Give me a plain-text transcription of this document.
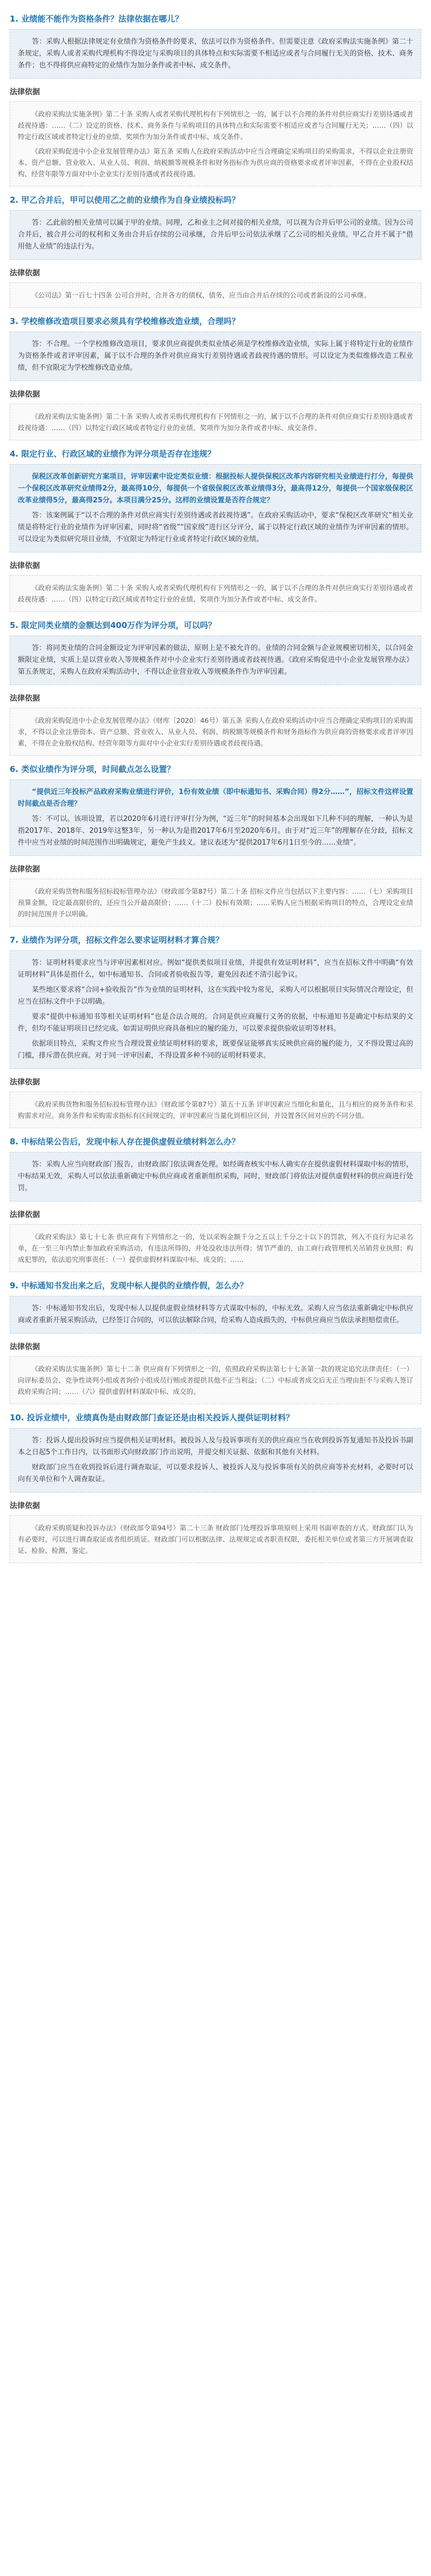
1. 业绩能不能作为资格条件？法律依据在哪儿？

答：采购人根据法律规定有业绩作为资格条件的要求，依法可以作为资格条件。但需要注意《政府采购法实施条例》第二十条规定，采购人或者采购代理机构不得设定与采购项目的具体特点和实际需要不相适应或者与合同履行无关的资格、技术、商务条件；也不得将供应商特定的业绩作为加分条件或者中标、成交条件。

法律依据

《政府采购法实施条例》第二十条 采购人或者采购代理机构有下列情形之一的，属于以不合理的条件对供应商实行差别待遇或者歧视待遇：……（二）设定的资格、技术、商务条件与采购项目的具体特点和实际需要不相适应或者与合同履行无关；……（四）以特定行政区域或者特定行业的业绩、奖项作为加分条件或者中标、成交条件。

《政府采购促进中小企业发展管理办法》第五条 采购人在政府采购活动中应当合理确定采购项目的采购需求，不得以企业注册资本、资产总额、营业收入、从业人员、利润、纳税额等规模条件和财务指标作为供应商的资格要求或者评审因素，不得在企业股权结构、经营年限等方面对中小企业实行差别待遇或者歧视待遇。

2. 甲乙合并后，甲可以使用乙之前的业绩作为自身业绩投标吗？

答：乙此前的相关业绩可以属于甲的业绩。同理，乙和业主之间对接的相关业绩，可以视为合并后甲公司的业绩。因为公司合并后，被合并公司的权利和义务由合并后存续的公司承继，合并后甲公司依法承继了乙公司的相关业绩。甲乙合并不属于“借用他人业绩”的违法行为。

法律依据

《公司法》第一百七十四条 公司合并时，合并各方的债权、债务，应当由合并后存续的公司或者新设的公司承继。

3. 学校维修改造项目要求必须具有学校维修改造业绩，合理吗？

答：不合理。一个学校维修改造项目，要求供应商提供类似业绩必须是学校维修改造业绩，实际上属于将特定行业的业绩作为资格条件或者评审因素，属于以不合理的条件对供应商实行差别待遇或者歧视待遇的情形。可以设定为类似维修改造工程业绩，但不宜限定为学校维修改造业绩。

法律依据

《政府采购法实施条例》第二十条 采购人或者采购代理机构有下列情形之一的，属于以不合理的条件对供应商实行差别待遇或者歧视待遇：……（四）以特定行政区域或者特定行业的业绩、奖项作为加分条件或者中标、成交条件。

4. 限定行业、行政区域的业绩作为评分项是否存在违规？

保税区改革创新研究方案项目，评审因素中设定类似业绩：根据投标人提供保税区改革内容研究相关业绩进行打分，每提供一个保税区改革研究业绩得2分，最高得10分，每提供一个省级保税区改革业绩得3分，最高得12分，每提供一个国家级保税区改革业绩得5分，最高得25分。本项目满分25分。这样的业绩设置是否符合规定？

答：该案例属于“以不合理的条件对供应商实行差别待遇或者歧视待遇”。在政府采购活动中，要求“保税区改革研究”相关业绩是将特定行业的业绩作为评审因素，同时将“省级”“国家级”进行区分评分，属于以特定行政区域的业绩作为评审因素的情形。可以设定为类似研究项目业绩，不宜限定为特定行业或者特定行政区域的业绩。

法律依据

《政府采购法实施条例》第二十条 采购人或者采购代理机构有下列情形之一的，属于以不合理的条件对供应商实行差别待遇或者歧视待遇：……（四）以特定行政区域或者特定行业的业绩、奖项作为加分条件或者中标、成交条件。

5. 限定同类业绩的金额达到400万作为评分项，可以吗？

答：将同类业绩的合同金额设定为评审因素的做法，原则上是不被允许的。业绩的合同金额与企业规模密切相关，以合同金额限定业绩，实质上是以营业收入等规模条件对中小企业实行差别待遇或者歧视待遇。《政府采购促进中小企业发展管理办法》第五条规定，采购人在政府采购活动中，不得以企业营业收入等规模条件作为评审因素。

法律依据

《政府采购促进中小企业发展管理办法》（财库〔2020〕46号）第五条 采购人在政府采购活动中应当合理确定采购项目的采购需求，不得以企业注册资本、资产总额、营业收入、从业人员、利润、纳税额等规模条件和财务指标作为供应商的资格要求或者评审因素，不得在企业股权结构、经营年限等方面对中小企业实行差别待遇或者歧视待遇。

6. 类似业绩作为评分项，时间截点怎么设置？

“提供近三年投标产品政府采购业绩进行评价，1份有效业绩（即中标通知书、采购合同）得2分……”，招标文件这样设置时间截点是否合理？

答：不可以。该项设置，若以2020年6月进行评审打分为例，“近三年”的时间基本会出现如下几种不同的理解，一种认为是指2017年、2018年、2019年这整3年，另一种认为是指2017年6月至2020年6月。由于对“近三年”的理解存在分歧，招标文件中应当对业绩的时间范围作出明确规定，避免产生歧义。建议表述为“提供2017年6月1日至今的……业绩”。

法律依据

《政府采购货物和服务招标投标管理办法》（财政部令第87号）第二十条 招标文件应当包括以下主要内容：……（七）采购项目预算金额，设定最高限价的，还应当公开最高限价；……（十二）投标有效期；……采购人应当根据采购项目的特点，合理设定业绩的时间范围并予以明确。

7. 业绩作为评分项，招标文件怎么要求证明材料才算合规？

答：证明材料要求应当与评审因素相对应。例如“提供类似项目业绩，并提供有效证明材料”，应当在招标文件中明确“有效证明材料”具体是指什么，如中标通知书、合同或者验收报告等，避免因表述不清引起争议。

某些地区要求将“合同+验收报告”作为业绩的证明材料，这在实践中较为常见，采购人可以根据项目实际情况合理设定，但应当在招标文件中予以明确。

要求“提供中标通知书等相关证明材料”也是合法合规的。合同是供应商履行义务的依据，中标通知书是确定中标结果的文件，但均不能证明项目已经完成。如需证明供应商具备相应的履约能力，可以要求提供验收证明等材料。

依据项目特点，采购文件应当合理设置业绩证明材料的要求，既要保证能够真实反映供应商的履约能力，又不得设置过高的门槛，排斥潜在供应商。对于同一评审因素，不得设置多种不同的证明材料要求。

法律依据

《政府采购货物和服务招标投标管理办法》（财政部令第87号）第五十五条 评审因素应当细化和量化，且与相应的商务条件和采购需求对应。商务条件和采购需求指标有区间规定的，评审因素应当量化到相应区间，并设置各区间对应的不同分值。

8. 中标结果公告后，发现中标人存在提供虚假业绩材料怎么办？

答：采购人应当向财政部门报告，由财政部门依法调查处理。如经调查核实中标人确实存在提供虚假材料谋取中标的情形，中标结果无效，采购人可以依法重新确定中标供应商或者重新组织采购，同时，财政部门将依法对提供虚假材料的供应商进行处罚。

法律依据

《政府采购法》第七十七条 供应商有下列情形之一的，处以采购金额千分之五以上千分之十以下的罚款，列入不良行为记录名单，在一至三年内禁止参加政府采购活动，有违法所得的，并处没收违法所得；情节严重的，由工商行政管理机关吊销营业执照；构成犯罪的，依法追究刑事责任：（一）提供虚假材料谋取中标、成交的；……

9. 中标通知书发出来之后，发现中标人提供的业绩作假，怎么办？

答：中标通知书发出后，发现中标人以提供虚假业绩材料等方式谋取中标的，中标无效。采购人应当依法重新确定中标供应商或者重新开展采购活动，已经签订合同的，可以依法解除合同，给采购人造成损失的，中标供应商应当依法承担赔偿责任。

法律依据

《政府采购法实施条例》第七十二条 供应商有下列情形之一的，依照政府采购法第七十七条第一款的规定追究法律责任：（一）向评标委员会、竞争性谈判小组或者询价小组成员行贿或者提供其他不正当利益；（二）中标或者成交后无正当理由拒不与采购人签订政府采购合同；……（六）提供虚假材料谋取中标、成交的。

10. 投诉业绩中，业绩真伪是由财政部门查证还是由相关投诉人提供证明材料？

答：投诉人提出投诉时应当提供相关证明材料。被投诉人及与投诉事项有关的供应商应当在收到投诉答复通知书及投诉书副本之日起5个工作日内，以书面形式向财政部门作出说明，并提交相关证据、依据和其他有关材料。

财政部门应当在收到投诉后进行调查取证，可以要求投诉人、被投诉人及与投诉事项有关的供应商等补充材料，必要时可以向有关单位和个人调查取证。

法律依据

《政府采购质疑和投诉办法》（财政部令第94号）第二十三条 财政部门处理投诉事项原则上采用书面审查的方式。财政部门认为有必要时，可以进行调查取证或者组织质证。财政部门可以根据法律、法规规定或者职责权限，委托相关单位或者第三方开展调查取证、检验、检测、鉴定。
